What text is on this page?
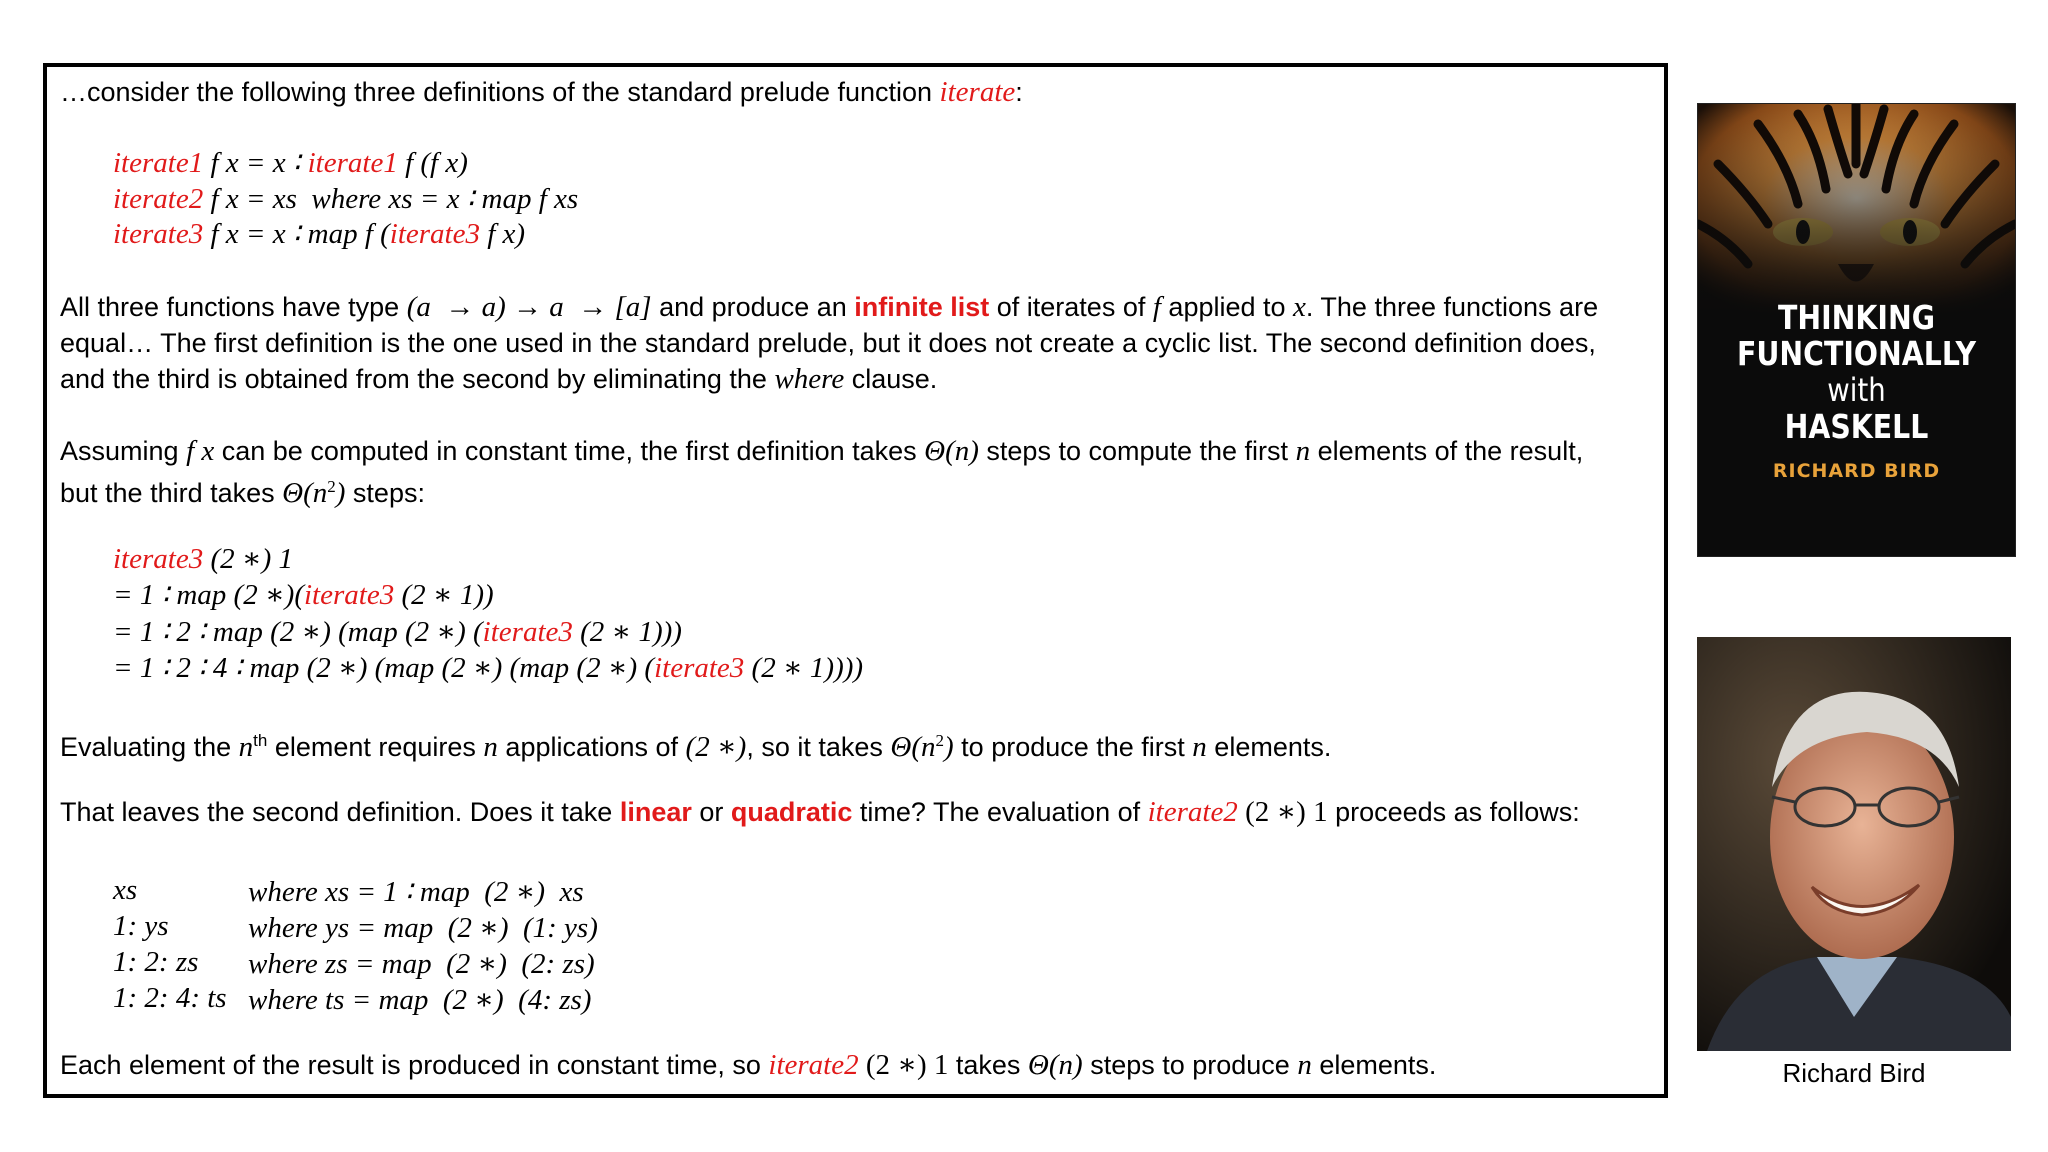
…consider the following three definitions of the standard prelude function iterate:
iterate1 f x = x ∶ iterate1 f (f x)
iterate2 f x = xs  where xs = x ∶ map f xs
iterate3 f x = x ∶ map f (iterate3 f x)
All three functions have type (a  → a) → a  → [a] and produce an infinite list of iterates of f applied to x. The three functions are
equal… The first definition is the one used in the standard prelude, but it does not create a cyclic list. The second definition does,
and the third is obtained from the second by eliminating the where clause.
Assuming f x can be computed in constant time, the first definition takes Θ(n) steps to compute the first n elements of the result,
but the third takes $\Theta(n^2)$ steps:
iterate3 (2 ∗) 1
= 1 ∶ map (2 ∗)(iterate3 (2 ∗ 1))
= 1 ∶ 2 ∶ map (2 ∗) (map (2 ∗) (iterate3 (2 ∗ 1)))
= 1 ∶ 2 ∶ 4 ∶ map (2 ∗) (map (2 ∗) (map (2 ∗) (iterate3 (2 ∗ 1))))
Evaluating the $n^{th}$ element requires n applications of (2 ∗), so it takes $\Theta(n^2)$ to produce the first n elements.
That leaves the second definition. Does it take linear or quadratic time? The evaluation of iterate2 (2 ∗) 1 proceeds as follows:
xs	where xs = 1 ∶ map  (2 ∗)  xs
1: ys	where ys = map  (2 ∗)  (1: ys)
1: 2: zs where zs = map  (2 ∗)  (2: zs)
1: 2: 4: ts where ts = map  (2 ∗)  (4: zs)
Each element of the result is produced in constant time, so iterate2 (2 ∗) 1 takes Θ(n) steps to produce n elements.
THINKING
FUNCTIONALLY
with
HASKELL
RICHARD BIRD
Richard Bird
